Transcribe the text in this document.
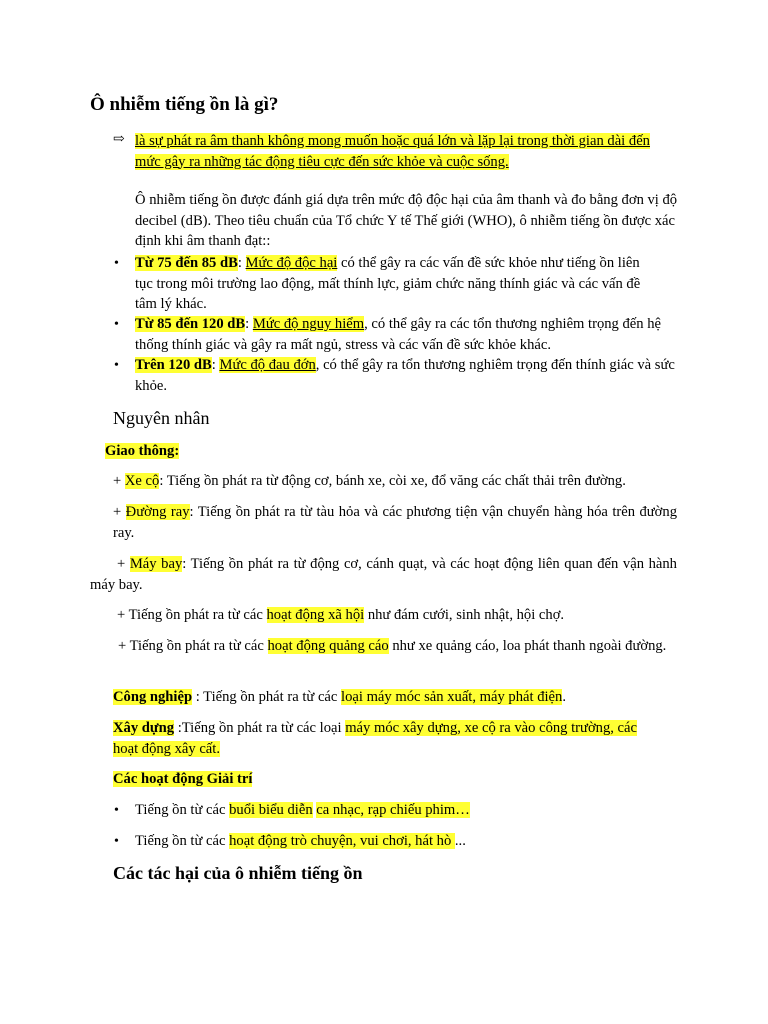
Ô nhiễm tiếng ồn là gì?
⇨ là sự phát ra âm thanh không mong muốn hoặc quá lớn và lặp lại trong thời gian dài đến
mức gây ra những tác động tiêu cực đến sức khỏe và cuộc sống.
Ô nhiễm tiếng ồn được đánh giá dựa trên mức độ độc hại của âm thanh và đo bằng đơn vị độ decibel (dB). Theo tiêu chuẩn của Tổ chức Y tế Thế giới (WHO), ô nhiễm tiếng ồn được xác định khi âm thanh đạt::
• Từ 75 đến 85 dB: Mức độ độc hại có thể gây ra các vấn đề sức khỏe như tiếng ồn liên tục trong môi trường lao động, mất thính lực, giảm chức năng thính giác và các vấn đề tâm lý khác.
• Từ 85 đến 120 dB: Mức độ nguy hiểm, có thể gây ra các tổn thương nghiêm trọng đến hệ thống thính giác và gây ra mất ngủ, stress và các vấn đề sức khỏe khác.
• Trên 120 dB: Mức độ đau đớn, có thể gây ra tổn thương nghiêm trọng đến thính giác và sức khỏe.
Nguyên nhân
Giao thông:
+ Xe cộ: Tiếng ồn phát ra từ động cơ, bánh xe, còi xe, đổ văng các chất thải trên đường.
+ Đường ray: Tiếng ồn phát ra từ tàu hỏa và các phương tiện vận chuyển hàng hóa trên đường ray.
+ Máy bay: Tiếng ồn phát ra từ động cơ, cánh quạt, và các hoạt động liên quan đến vận hành máy bay.
+ Tiếng ồn phát ra từ các hoạt động xã hội như đám cưới, sinh nhật, hội chợ.
+ Tiếng ồn phát ra từ các hoạt động quảng cáo như xe quảng cáo, loa phát thanh ngoài đường.
Công nghiệp : Tiếng ồn phát ra từ các loại máy móc sản xuất, máy phát điện.
Xây dựng :Tiếng ồn phát ra từ các loại máy móc xây dựng, xe cộ ra vào công trường, các hoạt động xây cất.
Các hoạt động Giải trí
• Tiếng ồn từ các buổi biểu diễn ca nhạc, rạp chiếu phim…
• Tiếng ồn từ các hoạt động trò chuyện, vui chơi, hát hò ...
Các tác hại của ô nhiễm tiếng ồn
